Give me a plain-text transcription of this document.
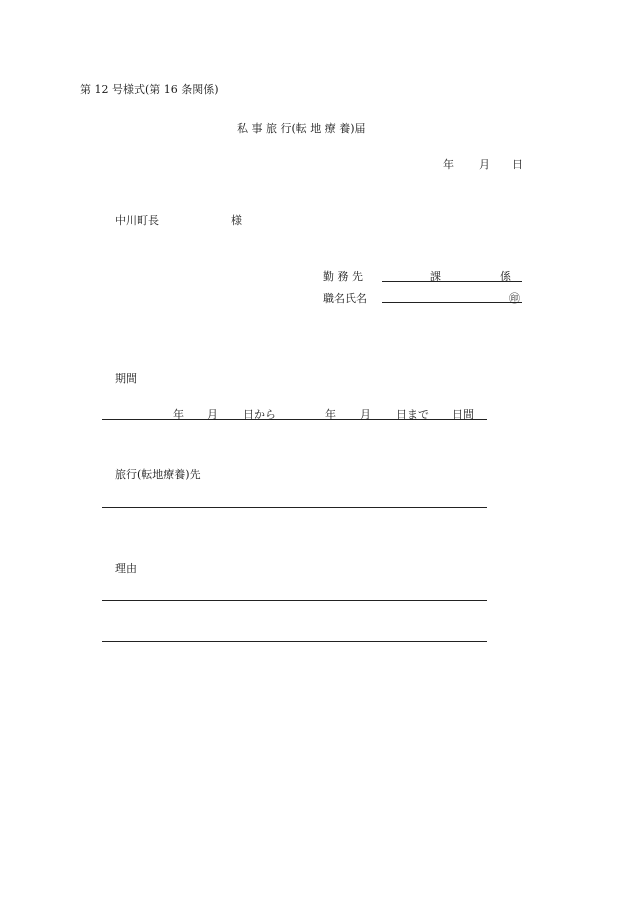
第 12 号様式(第 16 条関係)
私 事 旅 行(転 地 療 養)届
年 月 日
中川町長	様
勤 務 先	課	係
職名氏名	㊞
期間
年 月 日から	年 月 日まで 日間
旅行(転地療養)先
理由
